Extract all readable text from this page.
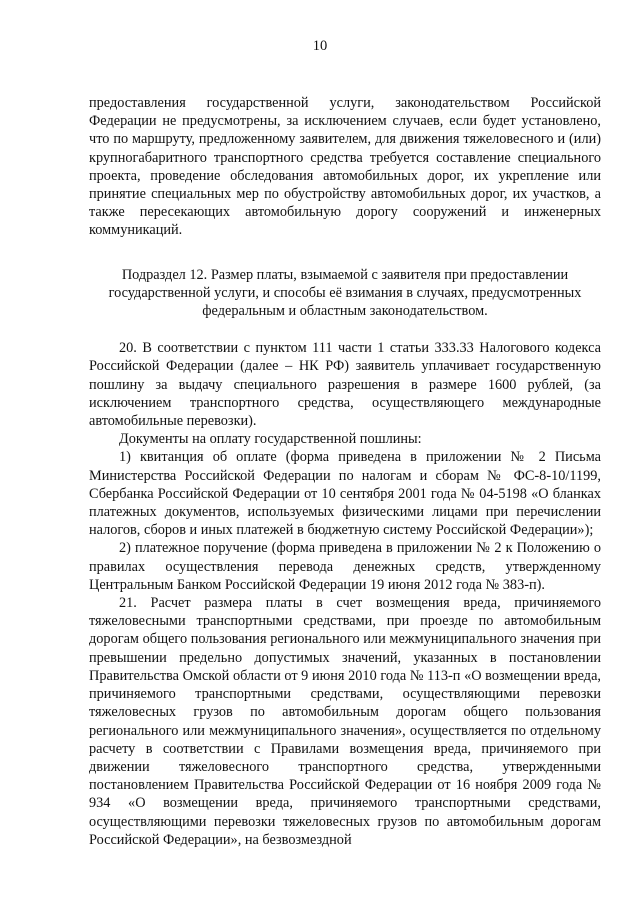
10

предоставления государственной услуги, законодательством Российской Федерации не предусмотрены, за исключением случаев, если будет установлено, что по маршруту, предложенному заявителем, для движения тяжеловесного и (или) крупногабаритного транспортного средства требуется составление специального проекта, проведение обследования автомобильных дорог, их укрепление или принятие специальных мер по обустройству автомобильных дорог, их участков, а также пересекающих автомобильную дорогу сооружений и инженерных коммуникаций.

Подраздел 12. Размер платы, взымаемой с заявителя при предоставлении государственной услуги, и способы её взимания в случаях, предусмотренных федеральным и областным законодательством.

20. В соответствии с пунктом 111 части 1 статьи 333.33 Налогового кодекса Российской Федерации (далее – НК РФ) заявитель уплачивает государственную пошлину за выдачу специального разрешения в размере 1600 рублей, (за исключением транспортного средства, осуществляющего международные автомобильные перевозки).

Документы на оплату государственной пошлины:

1) квитанция об оплате (форма приведена в приложении № 2 Письма Министерства Российской Федерации по налогам и сборам № ФС-8-10/1199, Сбербанка Российской Федерации от 10 сентября 2001 года № 04-5198 «О бланках платежных документов, используемых физическими лицами при перечислении налогов, сборов и иных платежей в бюджетную систему Российской Федерации»);

2) платежное поручение (форма приведена в приложении № 2 к Положению о правилах осуществления перевода денежных средств, утвержденному Центральным Банком Российской Федерации 19 июня 2012 года № 383-п).

21. Расчет размера платы в счет возмещения вреда, причиняемого тяжеловесными транспортными средствами, при проезде по автомобильным дорогам общего пользования регионального или межмуниципального значения при превышении предельно допустимых значений, указанных в постановлении Правительства Омской области от 9 июня 2010 года № 113-п «О возмещении вреда, причиняемого транспортными средствами, осуществляющими перевозки тяжеловесных грузов по автомобильным дорогам общего пользования регионального или межмуниципального значения», осуществляется по отдельному расчету в соответствии с Правилами возмещения вреда, причиняемого при движении тяжеловесного транспортного средства, утвержденными постановлением Правительства Российской Федерации от 16 ноября 2009 года № 934 «О возмещении вреда, причиняемого транспортными средствами, осуществляющими перевозки тяжеловесных грузов по автомобильным дорогам Российской Федерации», на безвозмездной
